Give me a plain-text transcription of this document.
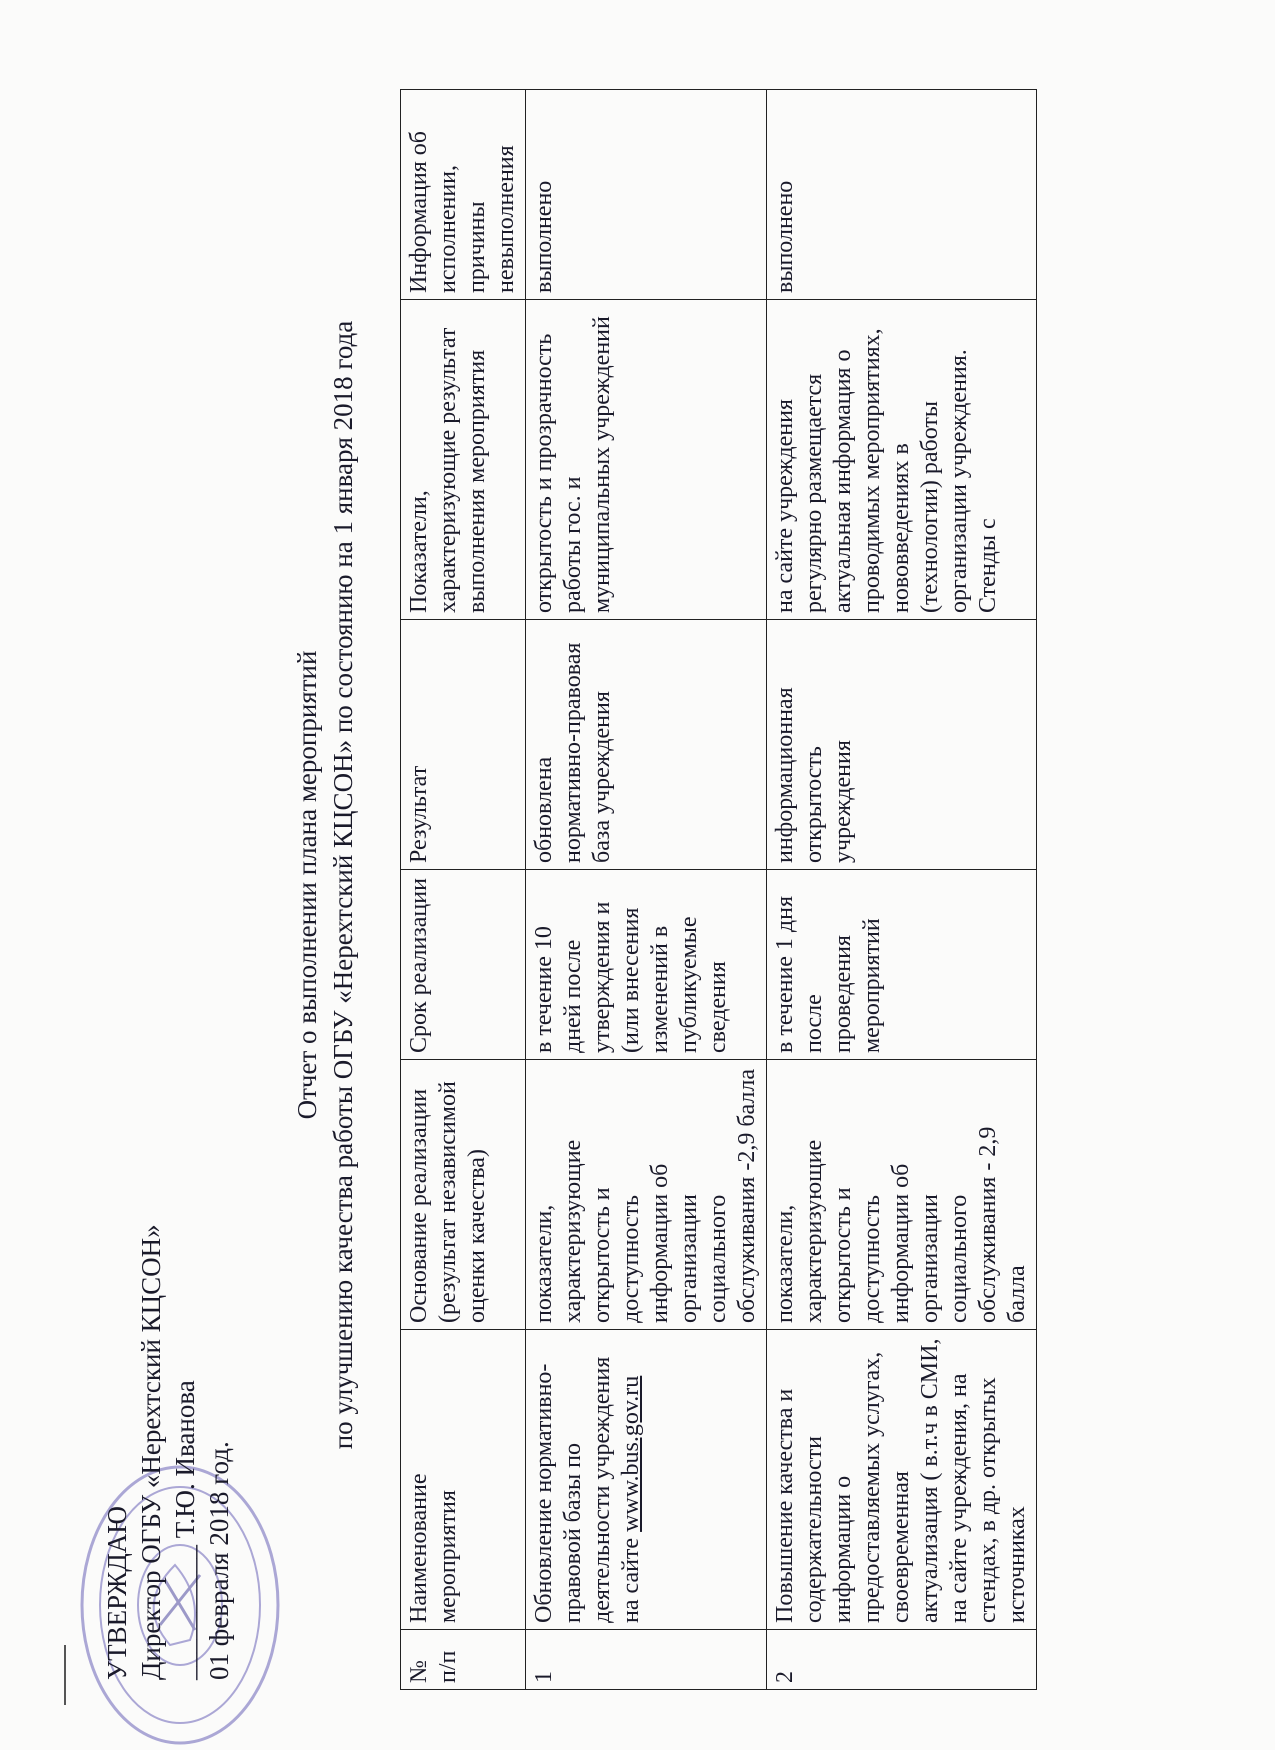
УТВЕРЖДАЮ Директор ОГБУ «Нерехтский КЦСОН» __________ Т.Ю. Иванова 01 февраля 2018 год.
Отчет о выполнении плана мероприятий по улучшению качества работы ОГБУ «Нерехтский КЦСОН» по состоянию на 1 января 2018 года
№ п/п	Наименование мероприятия	Основание реализации (результат независимой оценки качества)	Срок реализации	Результат	Показатели, характеризующие результат выполнения мероприятия	Информация об исполнении, причины невыполнения
1	Обновление нормативно-правовой базы по деятельности учреждения на сайте www.bus.gov.ru	показатели, характеризующие открытость и доступность информации об организации социального обслуживания -2,9 балла	в течение 10 дней после утверждения и (или внесения изменений в публикуемые сведения	обновлена нормативно-правовая база учреждения	открытость и прозрачность работы гос. и муниципальных учреждений	выполнено
2	Повышение качества и содержательности информации о предоставляемых услугах, своевременная актуализация ( в.т.ч в СМИ, на сайте учреждения, на стендах, в др. открытых источниках	показатели, характеризующие открытость и доступность информации об организации социального обслуживания - 2,9 балла	в течение 1 дня после проведения мероприятий	информационная открытость учреждения	на сайте учреждения регулярно размещается актуальная информация о проводимых мероприятиях, нововведениях в (технологии) работы организации учреждения. Стенды с	выполнено
